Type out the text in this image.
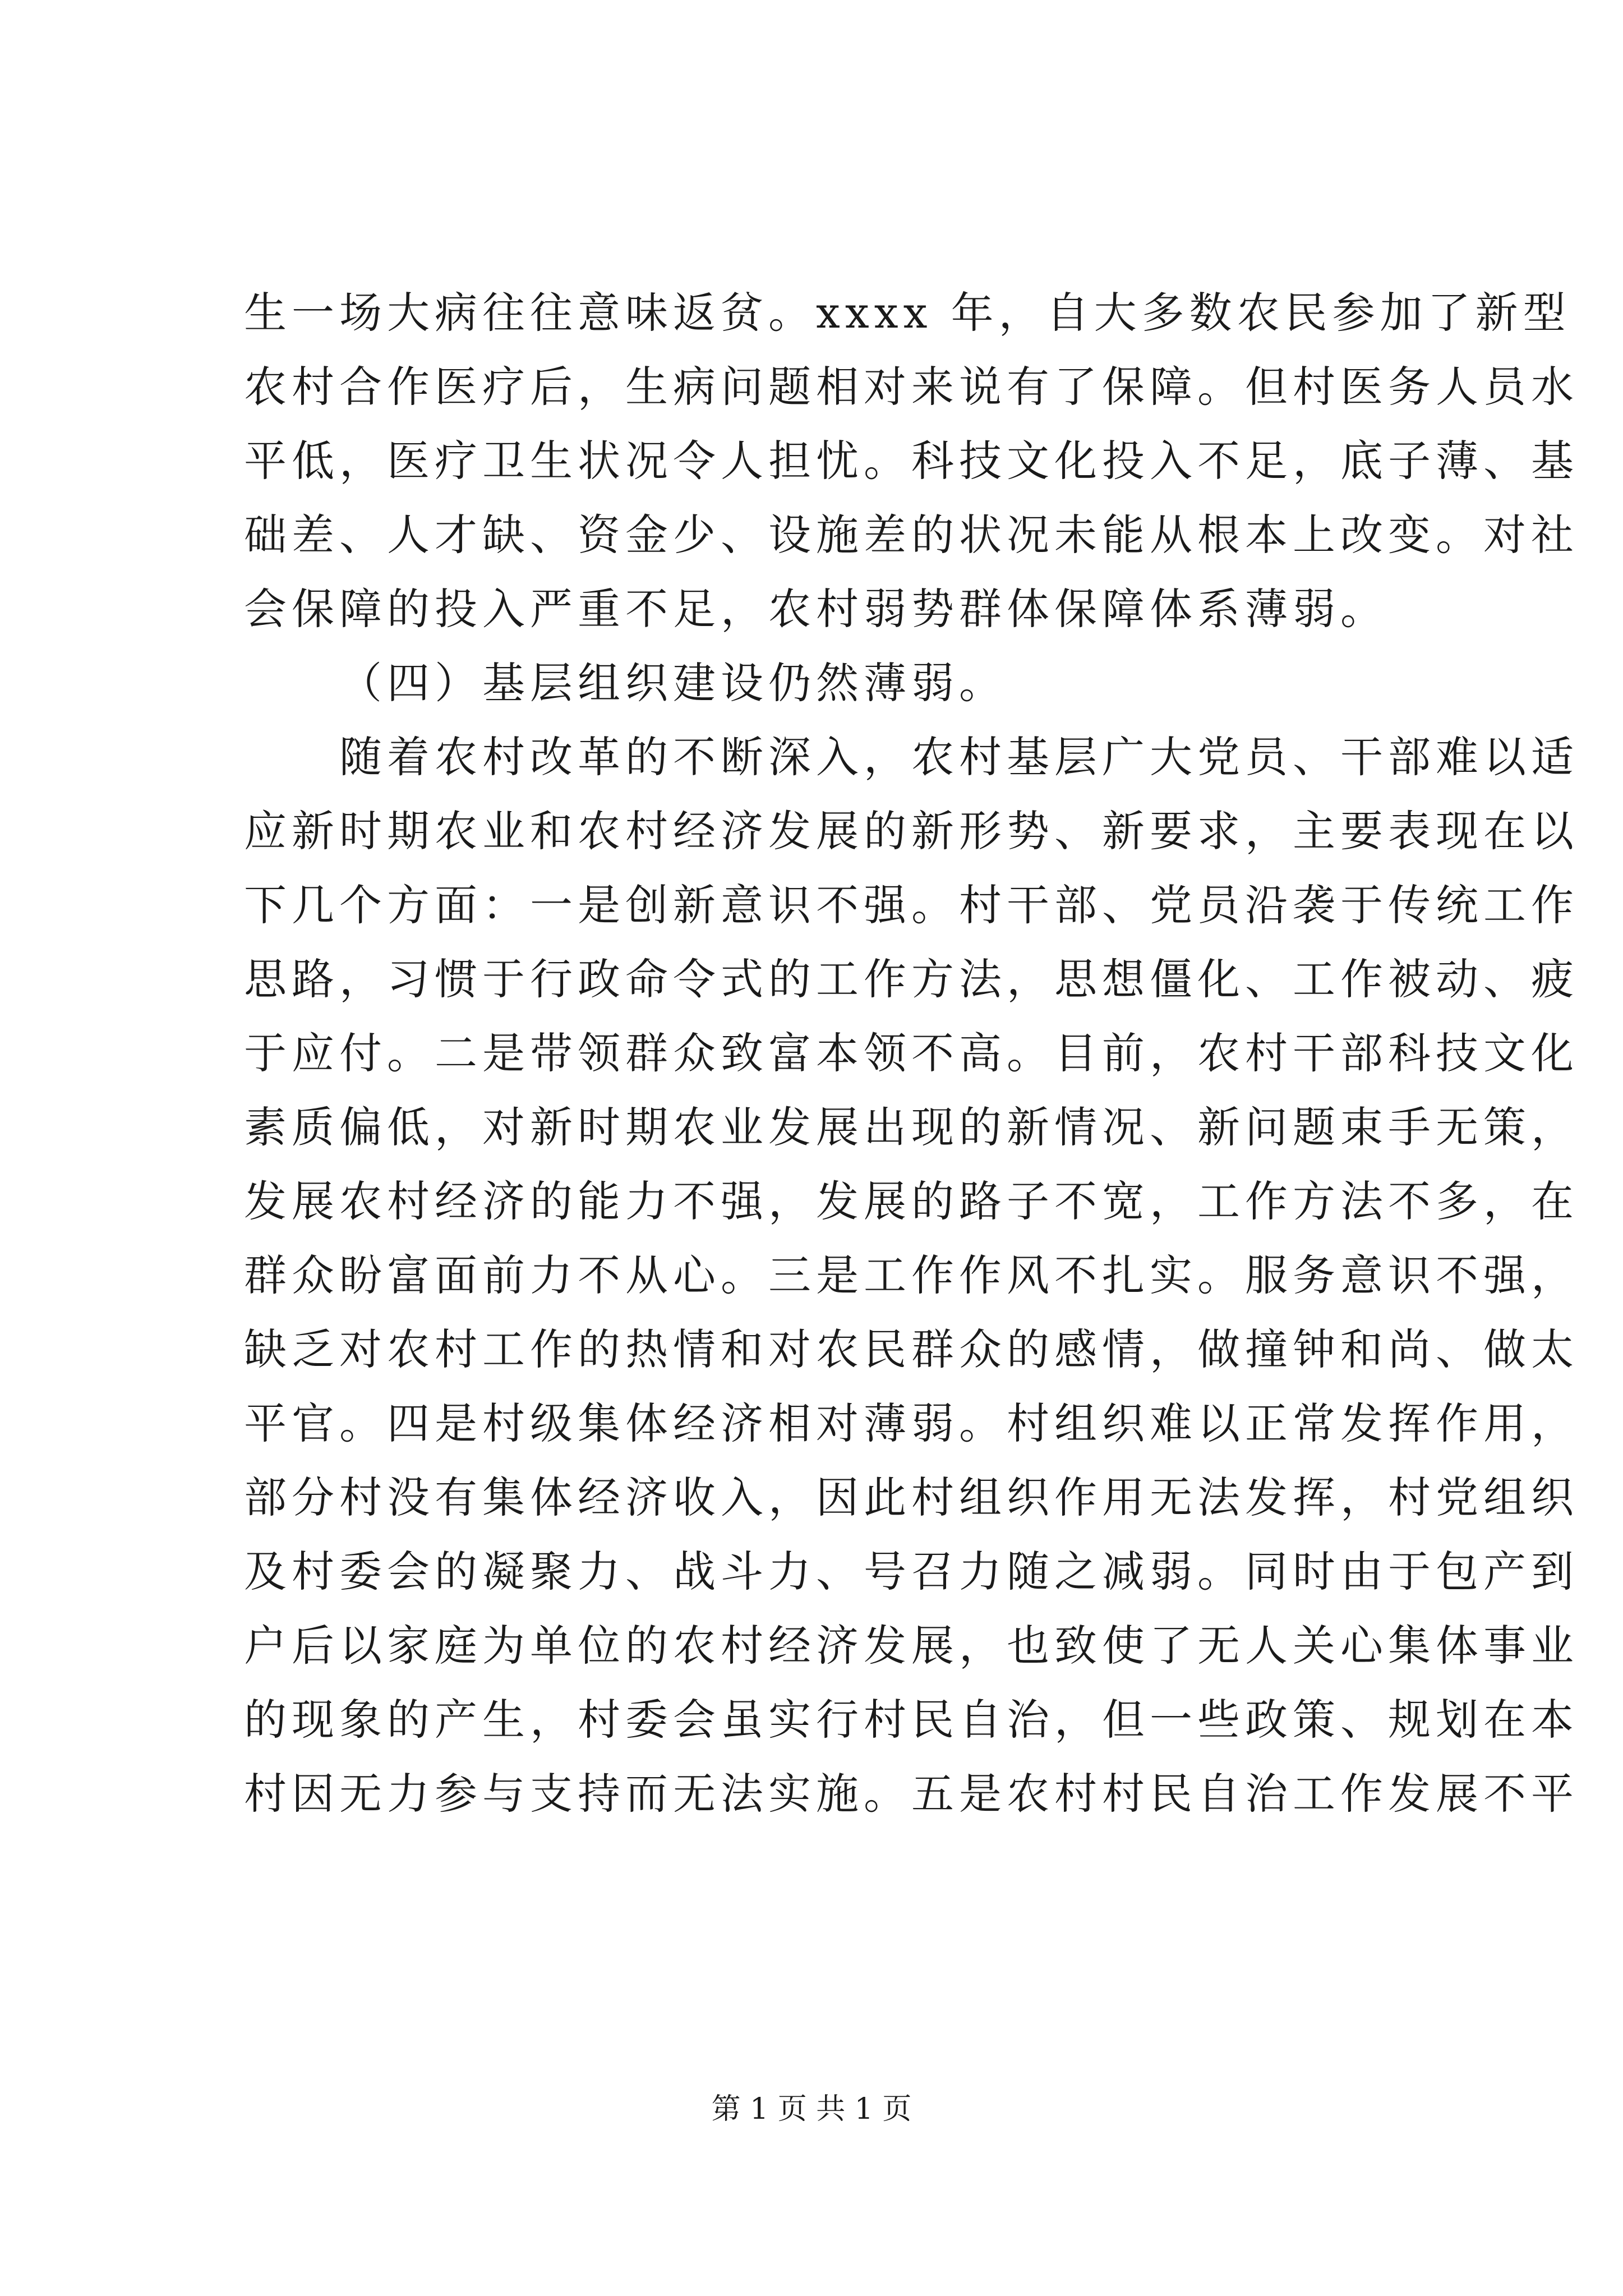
生一场大病往往意味返贫。xxxx 年，自大多数农民参加了新型
农村合作医疗后，生病问题相对来说有了保障。但村医务人员水
平低，医疗卫生状况令人担忧。科技文化投入不足，底子薄、基
础差、人才缺、资金少、设施差的状况未能从根本上改变。对社
会保障的投入严重不足，农村弱势群体保障体系薄弱。
（四）基层组织建设仍然薄弱。
随着农村改革的不断深入，农村基层广大党员、干部难以适
应新时期农业和农村经济发展的新形势、新要求，主要表现在以
下几个方面：一是创新意识不强。村干部、党员沿袭于传统工作
思路，习惯于行政命令式的工作方法，思想僵化、工作被动、疲
于应付。二是带领群众致富本领不高。目前，农村干部科技文化
素质偏低，对新时期农业发展出现的新情况、新问题束手无策，
发展农村经济的能力不强，发展的路子不宽，工作方法不多，在
群众盼富面前力不从心。三是工作作风不扎实。服务意识不强，
缺乏对农村工作的热情和对农民群众的感情，做撞钟和尚、做太
平官。四是村级集体经济相对薄弱。村组织难以正常发挥作用，
部分村没有集体经济收入，因此村组织作用无法发挥，村党组织
及村委会的凝聚力、战斗力、号召力随之减弱。同时由于包产到
户后以家庭为单位的农村经济发展，也致使了无人关心集体事业
的现象的产生，村委会虽实行村民自治，但一些政策、规划在本
村因无力参与支持而无法实施。五是农村村民自治工作发展不平
第 1 页 共 1 页
